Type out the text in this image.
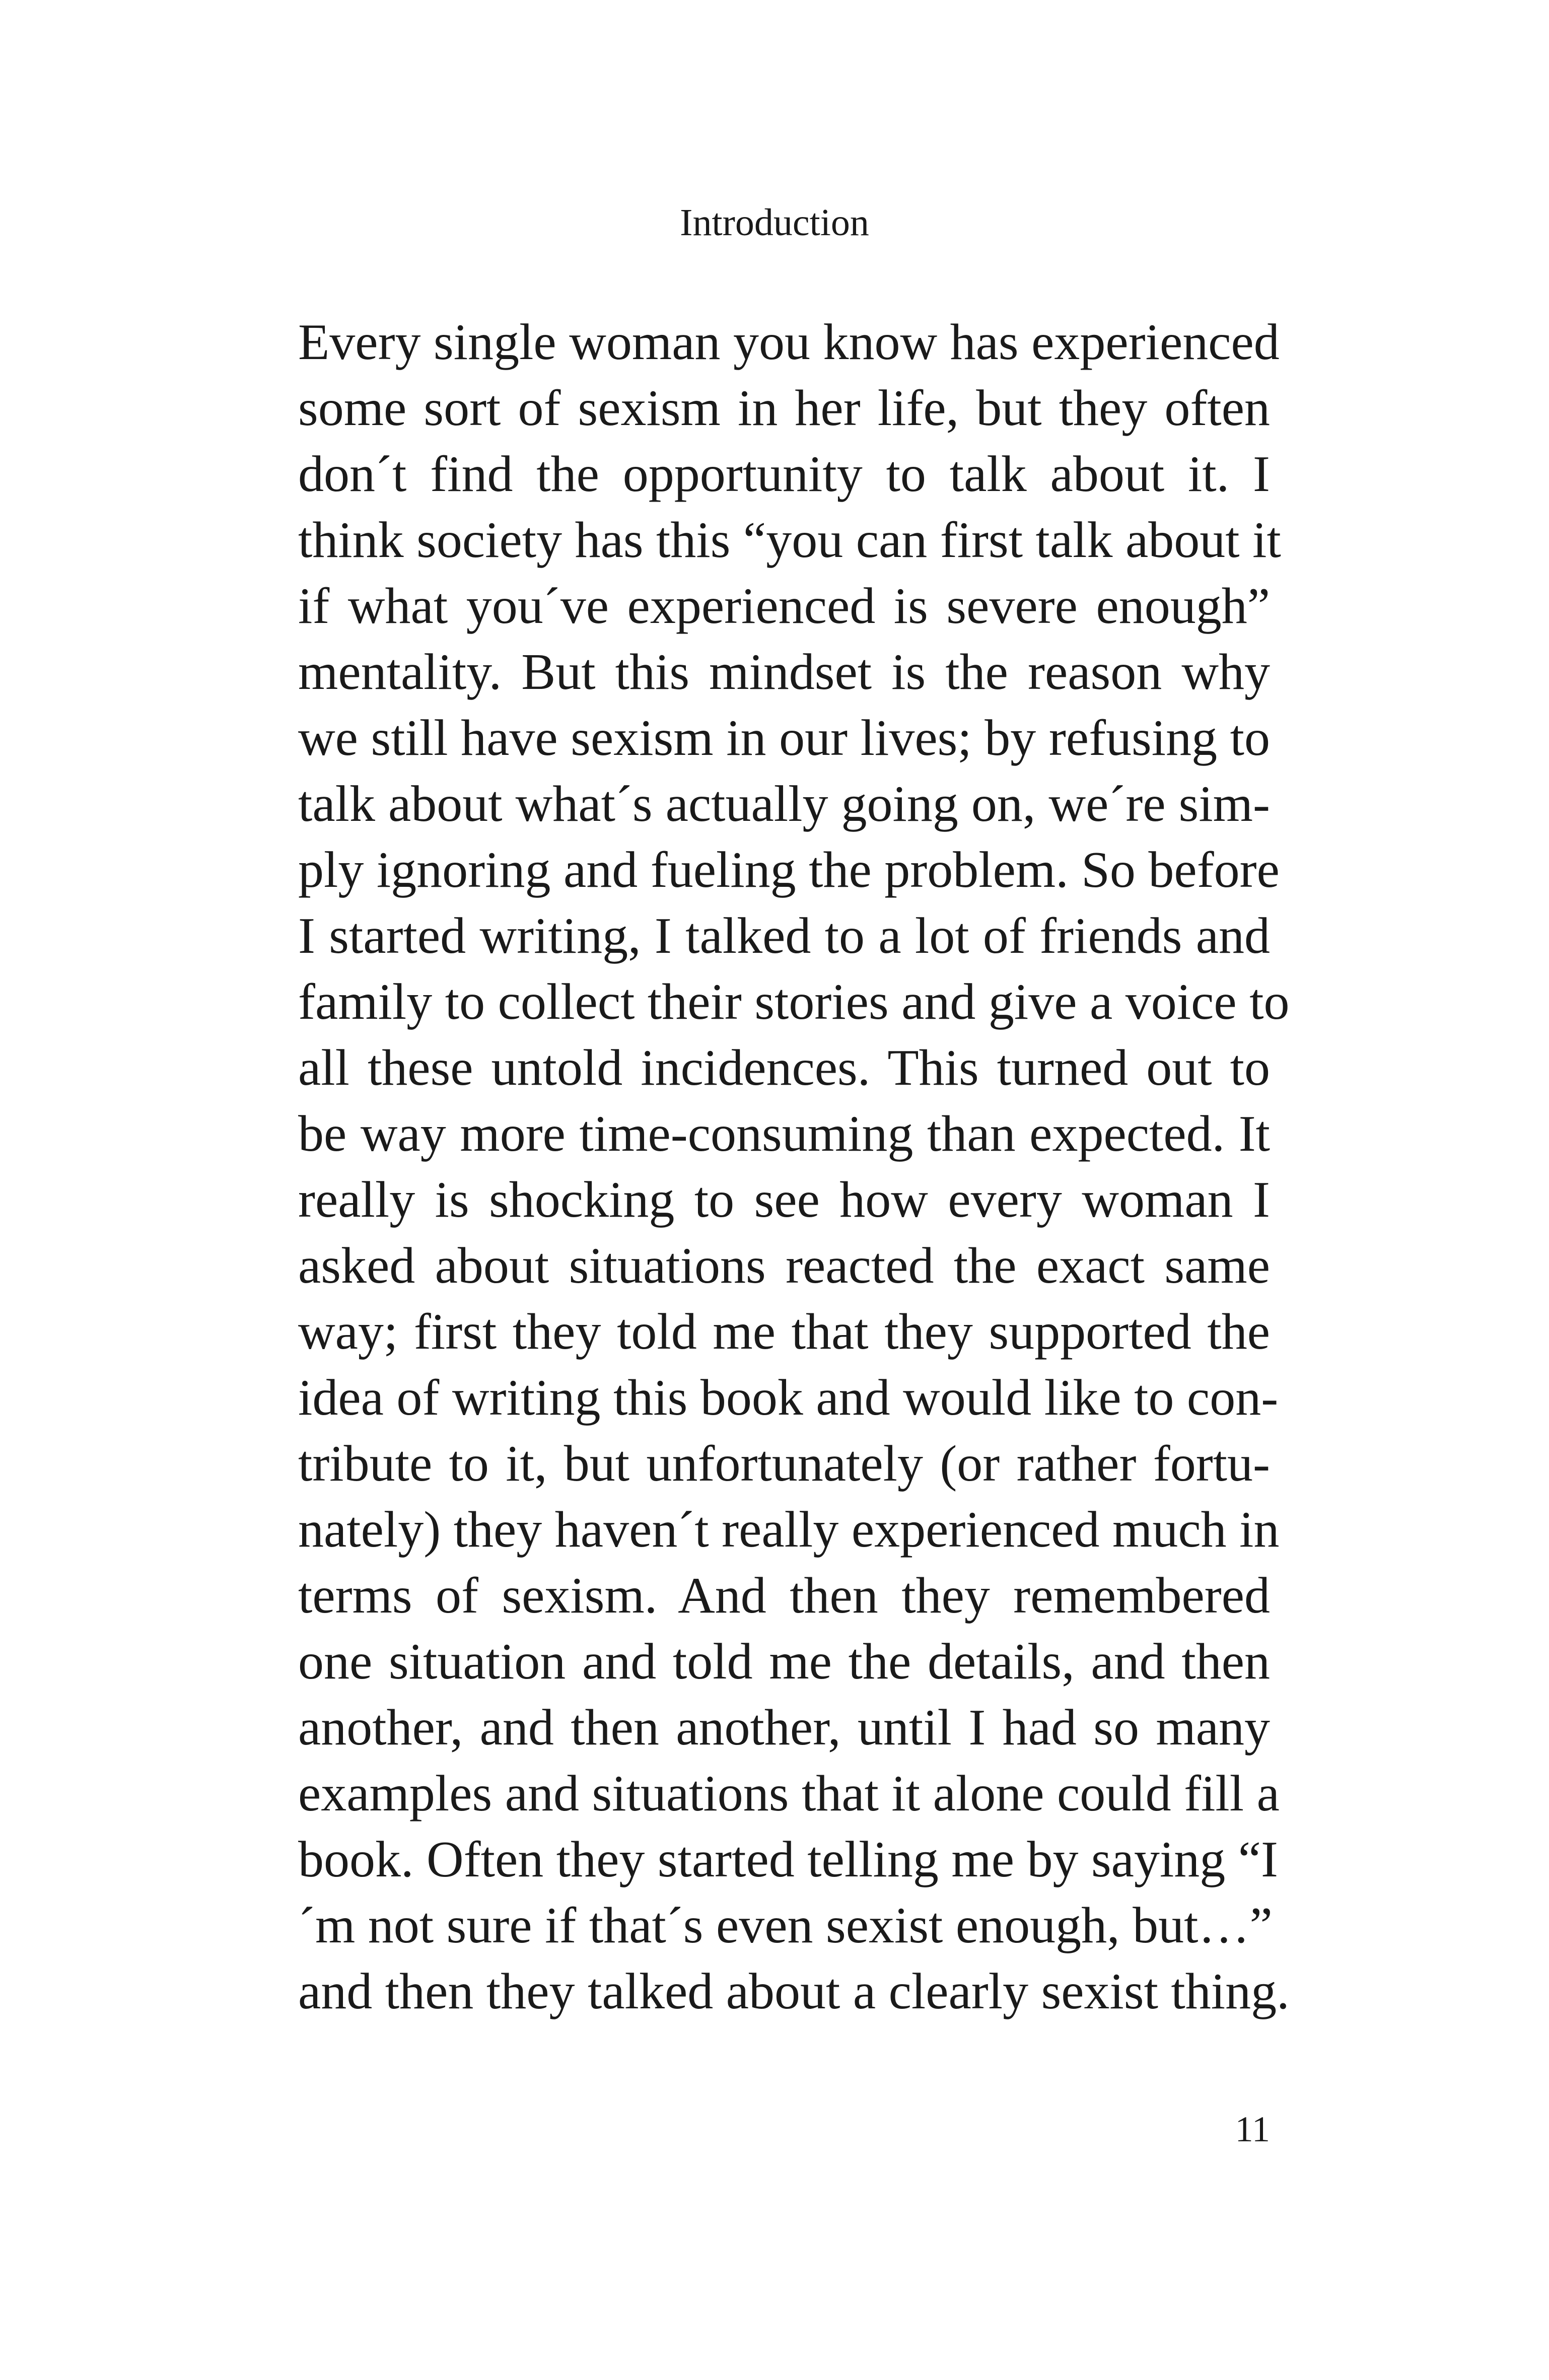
Introduction
Every single woman you know has experienced
some sort of sexism in her life, but they often
don´t find the opportunity to talk about it. I
think society has this “you can first talk about it
if what you´ve experienced is severe enough”
mentality. But this mindset is the reason why
we still have sexism in our lives; by refusing to
talk about what´s actually going on, we´re sim-
ply ignoring and fueling the problem. So before
I started writing, I talked to a lot of friends and
family to collect their stories and give a voice to
all these untold incidences. This turned out to
be way more time-consuming than expected. It
really is shocking to see how every woman I
asked about situations reacted the exact same
way; first they told me that they supported the
idea of writing this book and would like to con-
tribute to it, but unfortunately (or rather fortu-
nately) they haven´t really experienced much in
terms of sexism. And then they remembered
one situation and told me the details, and then
another, and then another, until I had so many
examples and situations that it alone could fill a
book. Often they started telling me by saying “I
´m not sure if that´s even sexist enough, but…”
and then they talked about a clearly sexist thing.
11
